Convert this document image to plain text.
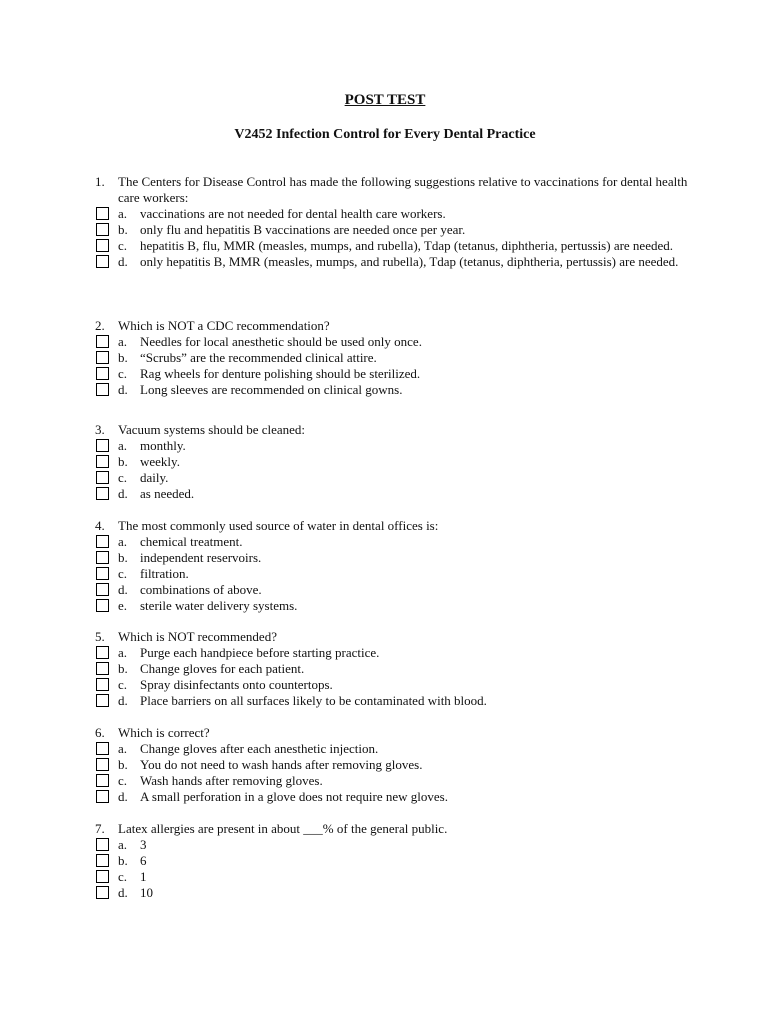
POST TEST
V2452 Infection Control for Every Dental Practice
1. The Centers for Disease Control has made the following suggestions relative to vaccinations for dental health care workers:
a. vaccinations are not needed for dental health care workers.
b. only flu and hepatitis B vaccinations are needed once per year.
c. hepatitis B, flu, MMR (measles, mumps, and rubella), Tdap (tetanus, diphtheria, pertussis) are needed.
d. only hepatitis B, MMR (measles, mumps, and rubella), Tdap (tetanus, diphtheria, pertussis) are needed.
2. Which is NOT a CDC recommendation?
a. Needles for local anesthetic should be used only once.
b. “Scrubs” are the recommended clinical attire.
c. Rag wheels for denture polishing should be sterilized.
d. Long sleeves are recommended on clinical gowns.
3. Vacuum systems should be cleaned:
a. monthly.
b. weekly.
c. daily.
d. as needed.
4. The most commonly used source of water in dental offices is:
a. chemical treatment.
b. independent reservoirs.
c. filtration.
d. combinations of above.
e. sterile water delivery systems.
5. Which is NOT recommended?
a. Purge each handpiece before starting practice.
b. Change gloves for each patient.
c. Spray disinfectants onto countertops.
d. Place barriers on all surfaces likely to be contaminated with blood.
6. Which is correct?
a. Change gloves after each anesthetic injection.
b. You do not need to wash hands after removing gloves.
c. Wash hands after removing gloves.
d. A small perforation in a glove does not require new gloves.
7. Latex allergies are present in about ___% of the general public.
a. 3
b. 6
c. 1
d. 10
